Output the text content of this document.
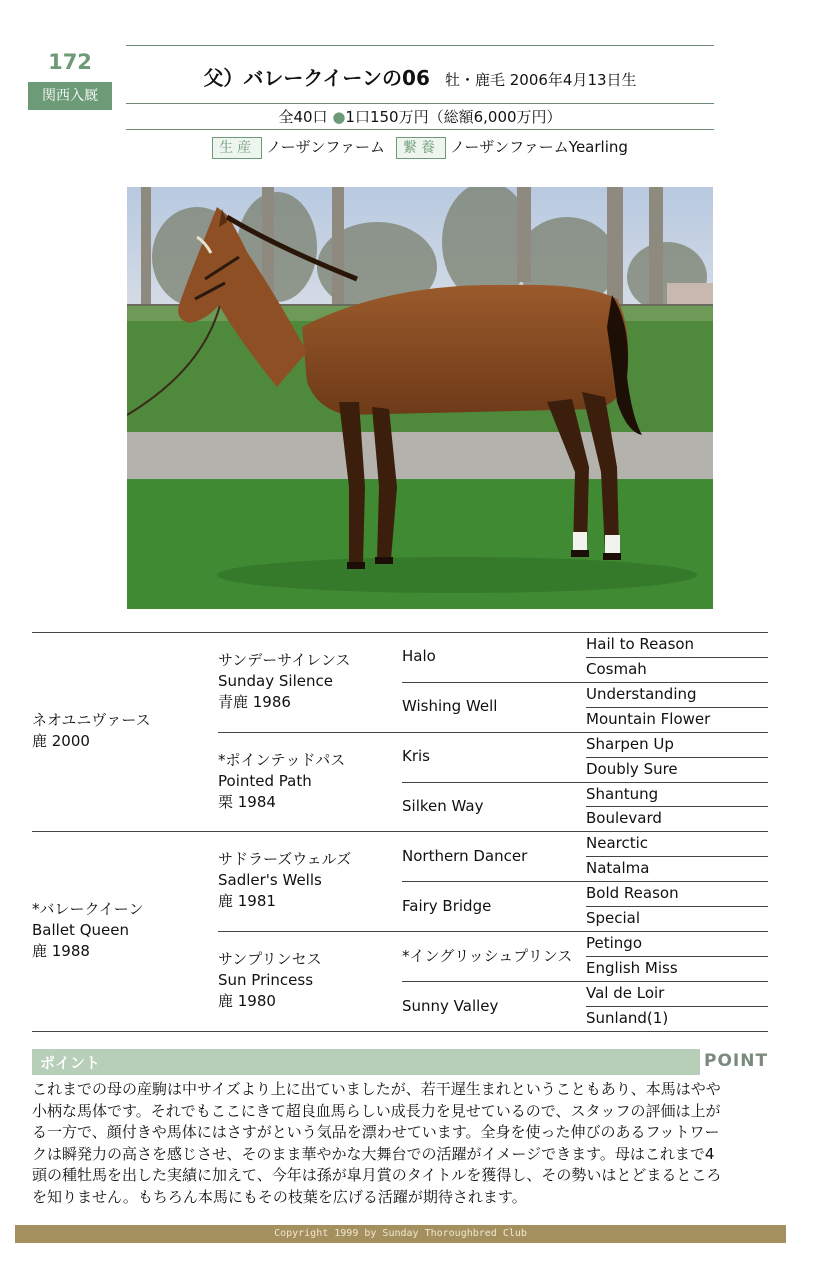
172
関西入厩
父）バレークイーンの06 牡・鹿毛 2006年4月13日生
全40口 ●1口150万円（総額6,000万円）
生産 ノーザンファーム 繋養 ノーザンファームYearling
ネオユニヴァース
鹿 2000
*バレークイーン
Ballet Queen
鹿 1988
サンデーサイレンス
Sunday Silence
青鹿 1986
*ポインテッドパス
Pointed Path
栗 1984
サドラーズウェルズ
Sadler's Wells
鹿 1981
サンプリンセス
Sun Princess
鹿 1980
Halo
Wishing Well
Kris
Silken Way
Northern Dancer
Fairy Bridge
*イングリッシュプリンス
Sunny Valley
Hail to Reason
Cosmah
Understanding
Mountain Flower
Sharpen Up
Doubly Sure
Shantung
Boulevard
Nearctic
Natalma
Bold Reason
Special
Petingo
English Miss
Val de Loir
Sunland(1)
ポイント	POINT
これまでの母の産駒は中サイズより上に出ていましたが、若干遅生まれということもあり、本馬はやや
小柄な馬体です。それでもここにきて超良血馬らしい成長力を見せているので、スタッフの評価は上が
る一方で、顔付きや馬体にはさすがという気品を漂わせています。全身を使った伸びのあるフットワー
クは瞬発力の高さを感じさせ、そのまま華やかな大舞台での活躍がイメージできます。母はこれまで4
頭の種牡馬を出した実績に加えて、今年は孫が皐月賞のタイトルを獲得し、その勢いはとどまるところ
を知りません。もちろん本馬にもその枝葉を広げる活躍が期待されます。
Copyright 1999 by Sunday Thoroughbred Club
